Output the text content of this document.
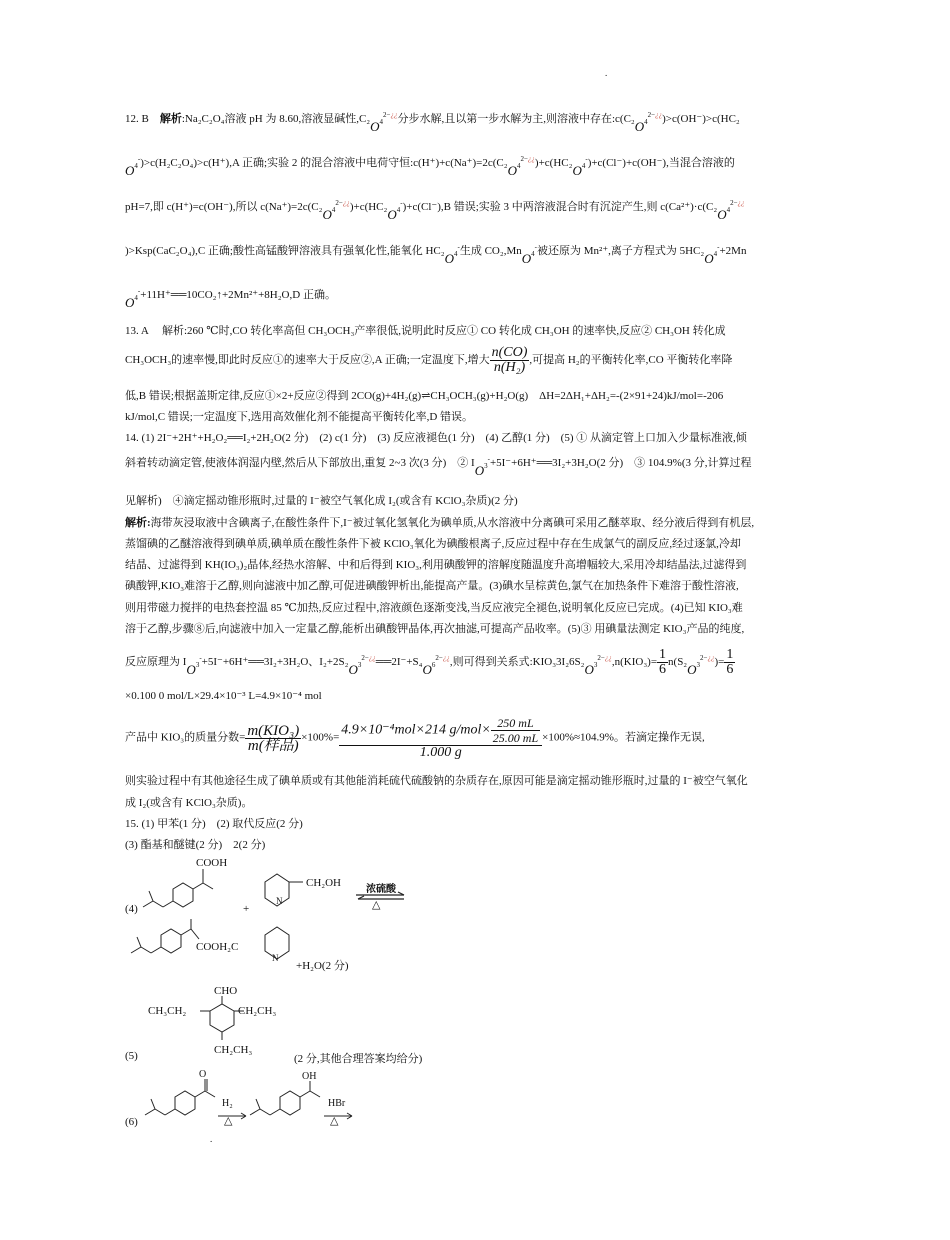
.
12. B　解析:Na₂C₂O₄溶液 pH 为 8.60,溶液显碱性$,C_2O_4^{2-¿¿}$分步水解,且以第一步水解为主,则溶液中存在$:c(C_2O_4^{2-¿¿})>c(OH^-)>c(HC_2$
$O_4^-)>c(H_2C_2O_4)>c(H^+),A$ 正确;实验 2 的混合溶液中电荷守恒$:c(H^+)+c(Na^+)=2c(C_2O_4^{2-¿¿})+c(HC_2O_4^-)+c(Cl^-)+c(OH^-)$,当混合溶液的
pH=7,即 c(H⁺)=c(OH⁻),所以 $c(Na^+)=2c(C_2O_4^{2-¿¿})+c(HC_2O_4^-)+c(Cl^-),B$ 错误;实验 3 中两溶液混合时有沉淀产生,则 $c(Ca^{2+})\cdot c(C_2O_4^{2-¿¿}$
)>Ksp(CaC₂O₄),C 正确;酸性高锰酸钾溶液具有强氧化性,能氧化 $HC_2O_4^-$生成 CO₂,MnO$_4$-被还原为 Mn²⁺,离子方程式为 $5HC_2O_4^-+2Mn$
$O_4^-+11H^+══10CO_2↑+2Mn^{2+}+8H_2O,D$ 正确。
13. A　 解析:260 ℃时,CO 转化率高但 CH₃OCH₃产率很低,说明此时反应① CO 转化成 CH₃OH 的速率快,反应② CH₃OH 转化成
CH₃OCH₃的速率慢,即此时反应①的速率大于反应②,A 正确;一定温度下,增大 $\frac{n(CO)}{\text{n(H₂)}}$ ,可提高 H₂的平衡转化率,CO 平衡转化率降
低,B 错误;根据盖斯定律,反应①×2+反应②得到 2CO(g)+4H₂(g)⇌CH₃OCH₃(g)+H₂O(g)　ΔH=2ΔH₁+ΔH₂=-(2×91+24)kJ/mol=-206
kJ/mol,C 错误;一定温度下,选用高效催化剂不能提高平衡转化率,D 错误。
14. (1) 2I⁻+2H⁺+H₂O₂══I₂+2H₂O(2 分)　(2) c(1 分)　(3) 反应液褪色(1 分)　(4) 乙醇(1 分)　(5) ① 从滴定管上口加入少量标准液,倾
斜着转动滴定管,使液体润湿内壁,然后从下部放出,重复 2~3 次(3 分)　② $IO_3^-+5I^-+6H^+══3I_2+3H_2O(2$ 分)　③ 104.9%(3 分,计算过程
见解析)　④滴定摇动锥形瓶时,过量的 I⁻被空气氧化成 I₂(或含有 KClO₃杂质)(2 分)
解析:海带灰浸取液中含碘离子,在酸性条件下,I⁻被过氧化氢氧化为碘单质,从水溶液中分离碘可采用乙醚萃取、经分液后得到有机层,
蒸馏碘的乙醚溶液得到碘单质,碘单质在酸性条件下被 KClO₃氧化为碘酸根离子,反应过程中存在生成氯气的副反应,经过逐氯,冷却
结晶、过滤得到 KH(IO₃)₂晶体,经热水溶解、中和后得到 KIO₃,利用碘酸钾的溶解度随温度升高增幅较大,采用冷却结晶法,过滤得到
碘酸钾,KIO₃难溶于乙醇,则向滤液中加乙醇,可促进碘酸钾析出,能提高产量。(3)碘水呈棕黄色,氯气在加热条件下难溶于酸性溶液,
则用带磁力搅拌的电热套控温 85 ℃加热,反应过程中,溶液颜色逐渐变浅,当反应液完全褪色,说明氧化反应已完成。(4)已知 KIO₃难
溶于乙醇,步骤⑧后,向滤液中加入一定量乙醇,能析出碘酸钾晶体,再次抽滤,可提高产品收率。(5)③ 用碘量法测定 KIO₃产品的纯度,
反应原理为 $IO_3^-+5I^-+6H^+══3I_2+3H_2O$、$I_2+2S_2O_3^{2-¿¿}══2I^-+S_4O_6^{2-¿¿}$,则可得到关系式$:KIO_33I_26S_2O_3^{2-¿¿},n(KIO_3)= \frac{1}{6} n(S_2O_3^{2-¿¿})= \frac{1}{6}$
×0.100 0 mol/L×29.4×10⁻³ L=4.9×10⁻⁴ mol
产品中 KIO₃的质量分数= $\frac{\text{m(KIO₃)}}{\text{m(样品)}} \times 100\%= \frac{4.9\times 10^{-4}mol\times 214 g/mol\times \frac{250 mL}{25.00 mL}}{1.000 g} \times 100\%\approx 104.9\%$。若滴定操作无误,
则实验过程中有其他途径生成了碘单质或有其他能消耗硫代硫酸钠的杂质存在,原因可能是滴定摇动锥形瓶时,过量的 I⁻被空气氧化
成 I₂(或含有 KClO₃杂质)。
15. (1) 甲苯(1 分)　(2) 取代反应(2 分)
(3) 酯基和醚键(2 分)　2(2 分)
(4)
COOH
+
N
CH₂OH
浓硫酸
△
COOH₂C
N
+H₂O(2 分)
CHO
CH₃CH₂	CH₂CH₃
CH₂CH₃
(5)	(2 分,其他合理答案均给分)
(6)
O
H₂
△
OH
HBr
△
.
